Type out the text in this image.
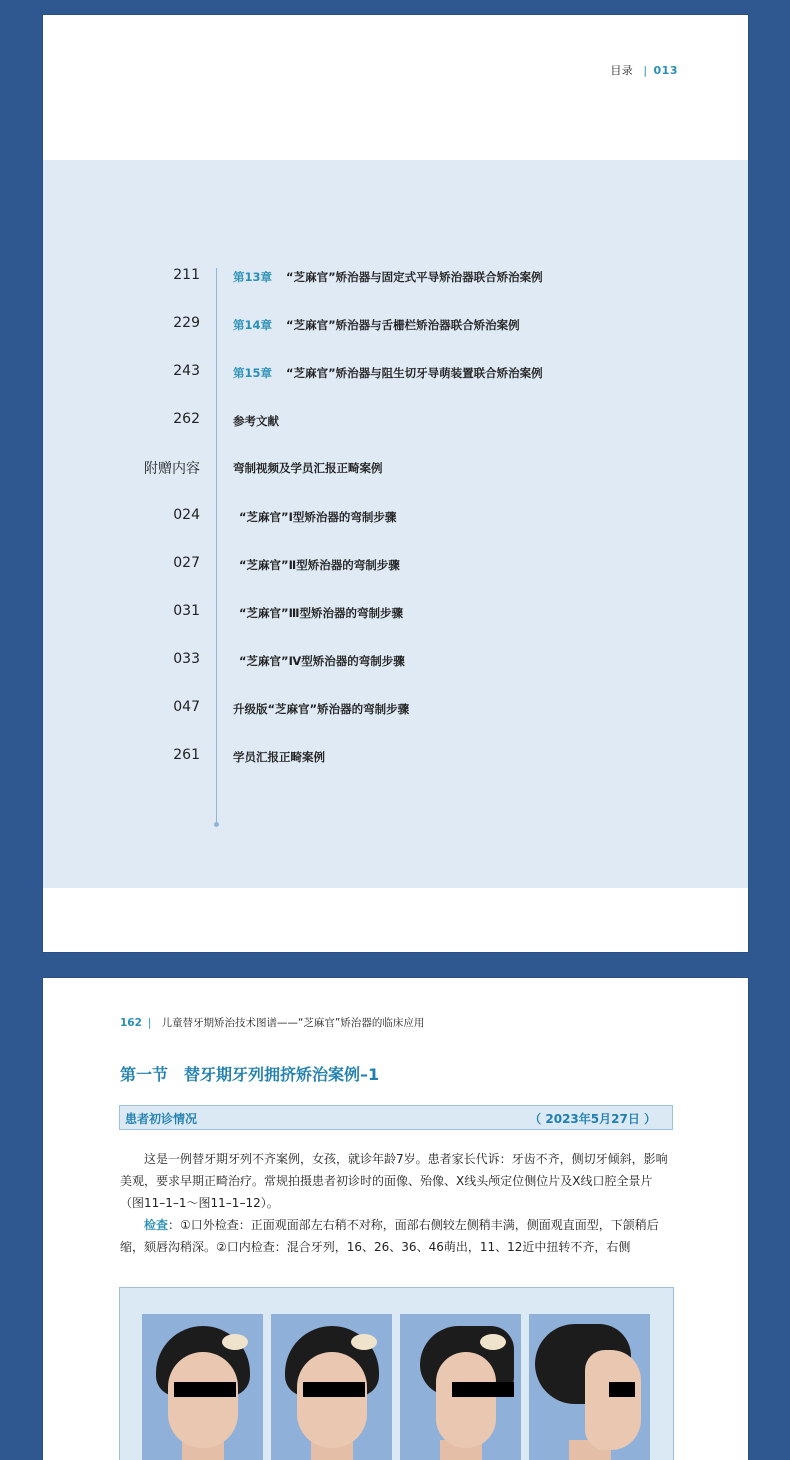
目录 | 013
211	第13章 “芝麻官”矫治器与固定式平导矫治器联合矫治案例
229	第14章 “芝麻官”矫治器与舌栅栏矫治器联合矫治案例
243	第15章 “芝麻官”矫治器与阻生切牙导萌装置联合矫治案例
262	参考文献
附赠内容	弯制视频及学员汇报正畸案例
024	“芝麻官”Ⅰ型矫治器的弯制步骤
027	“芝麻官”Ⅱ型矫治器的弯制步骤
031	“芝麻官”Ⅲ型矫治器的弯制步骤
033	“芝麻官”Ⅳ型矫治器的弯制步骤
047	升级版“芝麻官”矫治器的弯制步骤
261	学员汇报正畸案例
162 | 儿童替牙期矫治技术图谱——“芝麻官”矫治器的临床应用
第一节 替牙期牙列拥挤矫治案例–1
患者初诊情况	（ 2023年5月27日 ）

这是一例替牙期牙列不齐案例，女孩，就诊年龄7岁。患者家长代诉：牙齿不齐，侧切牙倾斜，影响美观，要求早期正畸治疗。常规拍摄患者初诊时的面像、殆像、X线头颅定位侧位片及X线口腔全景片（图11–1–1～图11–1–12）。

检查：①口外检查：正面观面部左右稍不对称，面部右侧较左侧稍丰满，侧面观直面型，下颌稍后缩，颏唇沟稍深。②口内检查：混合牙列，16、26、36、46萌出，11、12近中扭转不齐，右侧
